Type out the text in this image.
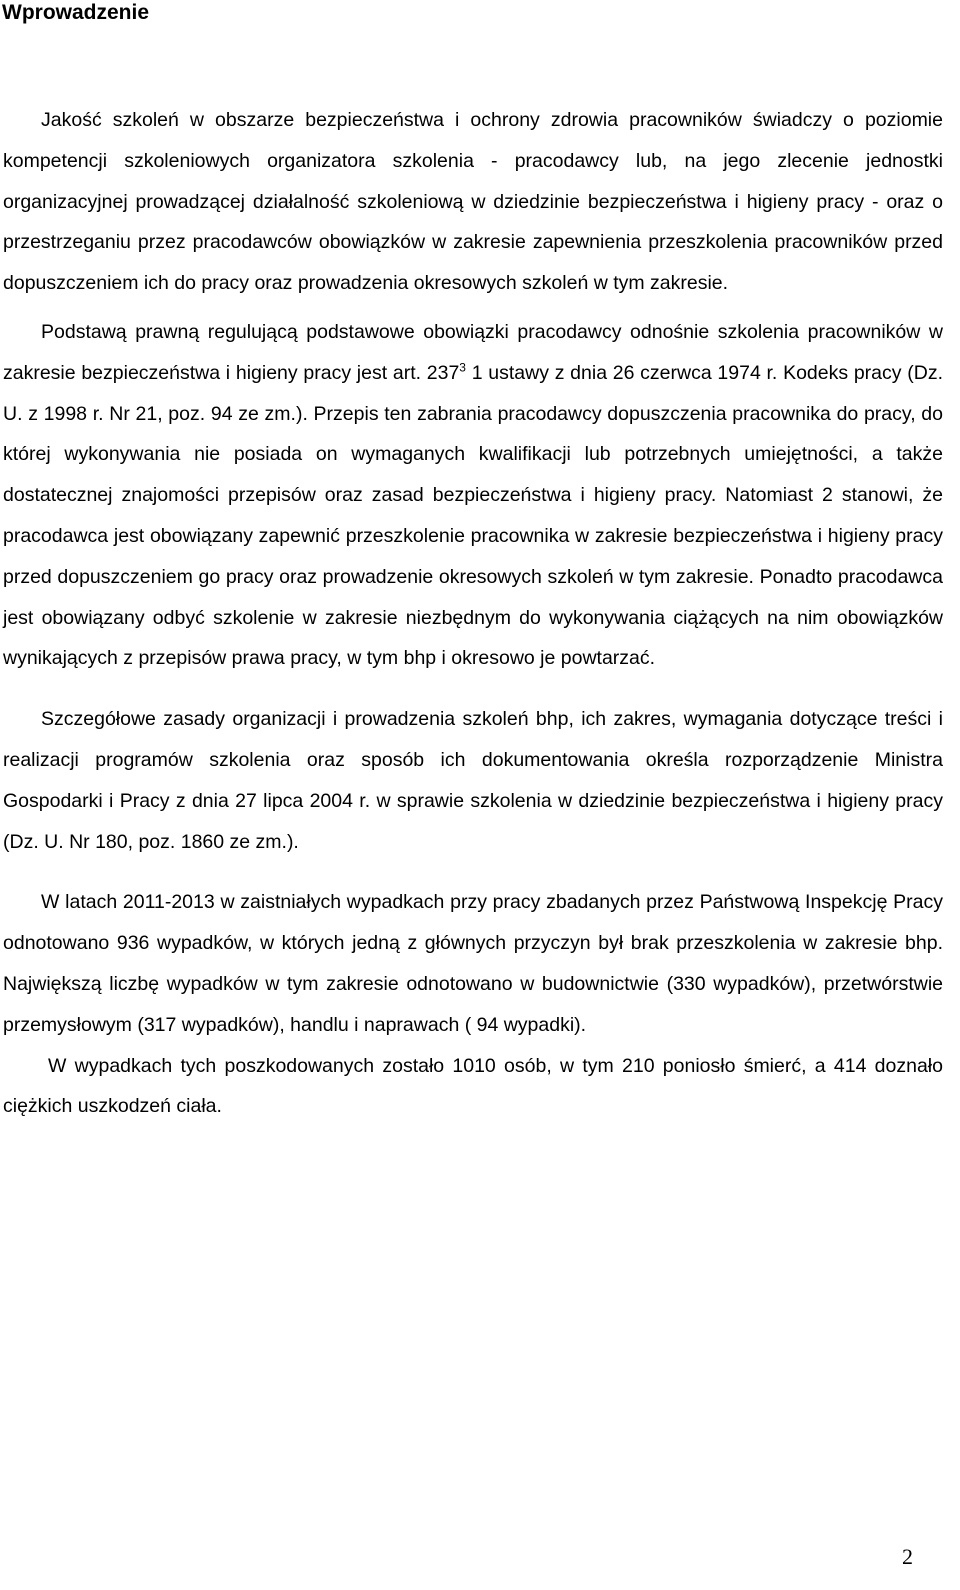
Wprowadzenie

Jakość szkoleń w obszarze bezpieczeństwa i ochrony zdrowia pracowników świadczy o poziomie kompetencji szkoleniowych organizatora szkolenia - pracodawcy lub, na jego zlecenie jednostki organizacyjnej prowadzącej działalność szkoleniową w dziedzinie bezpieczeństwa i higieny pracy - oraz o przestrzeganiu przez pracodawców obowiązków w zakresie zapewnienia przeszkolenia pracowników przed dopuszczeniem ich do pracy oraz prowadzenia okresowych szkoleń w tym zakresie.

Podstawą prawną regulującą podstawowe obowiązki pracodawcy odnośnie szkolenia pracowników w zakresie bezpieczeństwa i higieny pracy jest art. $237^3$ 1 ustawy z dnia 26 czerwca 1974 r. Kodeks pracy (Dz. U. z 1998 r. Nr 21, poz. 94 ze zm.). Przepis ten zabrania pracodawcy dopuszczenia pracownika do pracy, do której wykonywania nie posiada on wymaganych kwalifikacji lub potrzebnych umiejętności, a także dostatecznej znajomości przepisów oraz zasad bezpieczeństwa i higieny pracy. Natomiast 2 stanowi, że pracodawca jest obowiązany zapewnić przeszkolenie pracownika w zakresie bezpieczeństwa i higieny pracy przed dopuszczeniem go pracy oraz prowadzenie okresowych szkoleń w tym zakresie. Ponadto pracodawca jest obowiązany odbyć szkolenie w zakresie niezbędnym do wykonywania ciążących na nim obowiązków wynikających z przepisów prawa pracy, w tym bhp i okresowo je powtarzać.

Szczegółowe zasady organizacji i prowadzenia szkoleń bhp, ich zakres, wymagania dotyczące treści i realizacji programów szkolenia oraz sposób ich dokumentowania określa rozporządzenie Ministra Gospodarki i Pracy z dnia 27 lipca 2004 r. w sprawie szkolenia w dziedzinie bezpieczeństwa i higieny pracy (Dz. U. Nr 180, poz. 1860 ze zm.).

W latach 2011-2013 w zaistniałych wypadkach przy pracy zbadanych przez Państwową Inspekcję Pracy odnotowano 936 wypadków, w których jedną z głównych przyczyn był brak przeszkolenia w zakresie bhp. Największą liczbę wypadków w tym zakresie odnotowano w budownictwie (330 wypadków), przetwórstwie przemysłowym (317 wypadków), handlu i naprawach ( 94 wypadki).

W wypadkach tych poszkodowanych zostało 1010 osób, w tym 210 poniosło śmierć, a 414 doznało ciężkich uszkodzeń ciała.

2
